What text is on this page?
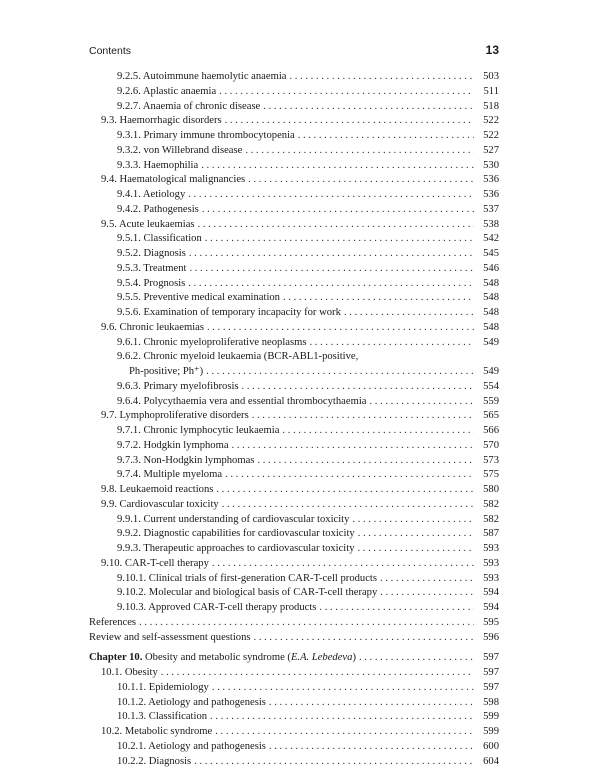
Contents	13
9.2.5. Autoimmune haemolytic anaemia . . .	503
9.2.6. Aplastic anaemia . . .	511
9.2.7. Anaemia of chronic disease . . .	518
9.3. Haemorrhagic disorders . . .	522
9.3.1. Primary immune thrombocytopenia . . .	522
9.3.2. von Willebrand disease . . .	527
9.3.3. Haemophilia . . .	530
9.4. Haematological malignancies . . .	536
9.4.1. Aetiology . . .	536
9.4.2. Pathogenesis . . .	537
9.5. Acute leukaemias . . .	538
9.5.1. Classification . . .	542
9.5.2. Diagnosis . . .	545
9.5.3. Treatment . . .	546
9.5.4. Prognosis . . .	548
9.5.5. Preventive medical examination . . .	548
9.5.6. Examination of temporary incapacity for work . . .	548
9.6. Chronic leukaemias . . .	548
9.6.1. Chronic myeloproliferative neoplasms . . .	549
9.6.2. Chronic myeloid leukaemia (BCR-ABL1-positive,
Ph-positive; Ph⁺) . . .	549
9.6.3. Primary myelofibrosis . . .	554
9.6.4. Polycythaemia vera and essential thrombocythaemia . . .	559
9.7. Lymphoproliferative disorders . . .	565
9.7.1. Chronic lymphocytic leukaemia . . .	566
9.7.2. Hodgkin lymphoma . . .	570
9.7.3. Non-Hodgkin lymphomas . . .	573
9.7.4. Multiple myeloma . . .	575
9.8. Leukaemoid reactions . . .	580
9.9. Cardiovascular toxicity . . .	582
9.9.1. Current understanding of cardiovascular toxicity . . .	582
9.9.2. Diagnostic capabilities for cardiovascular toxicity . . .	587
9.9.3. Therapeutic approaches to cardiovascular toxicity . . .	593
9.10. CAR-T-cell therapy . . .	593
9.10.1. Clinical trials of first-generation CAR-T-cell products . . .	593
9.10.2. Molecular and biological basis of CAR-T-cell therapy . . .	594
9.10.3. Approved CAR-T-cell therapy products . . .	594
References . . .	595
Review and self-assessment questions . . .	596
Chapter 10. Obesity and metabolic syndrome (E.A. Lebedeva) . . .	597
10.1. Obesity . . .	597
10.1.1. Epidemiology . . .	597
10.1.2. Aetiology and pathogenesis . . .	598
10.1.3. Classification . . .	599
10.2. Metabolic syndrome . . .	599
10.2.1. Aetiology and pathogenesis . . .	600
10.2.2. Diagnosis . . .	604
